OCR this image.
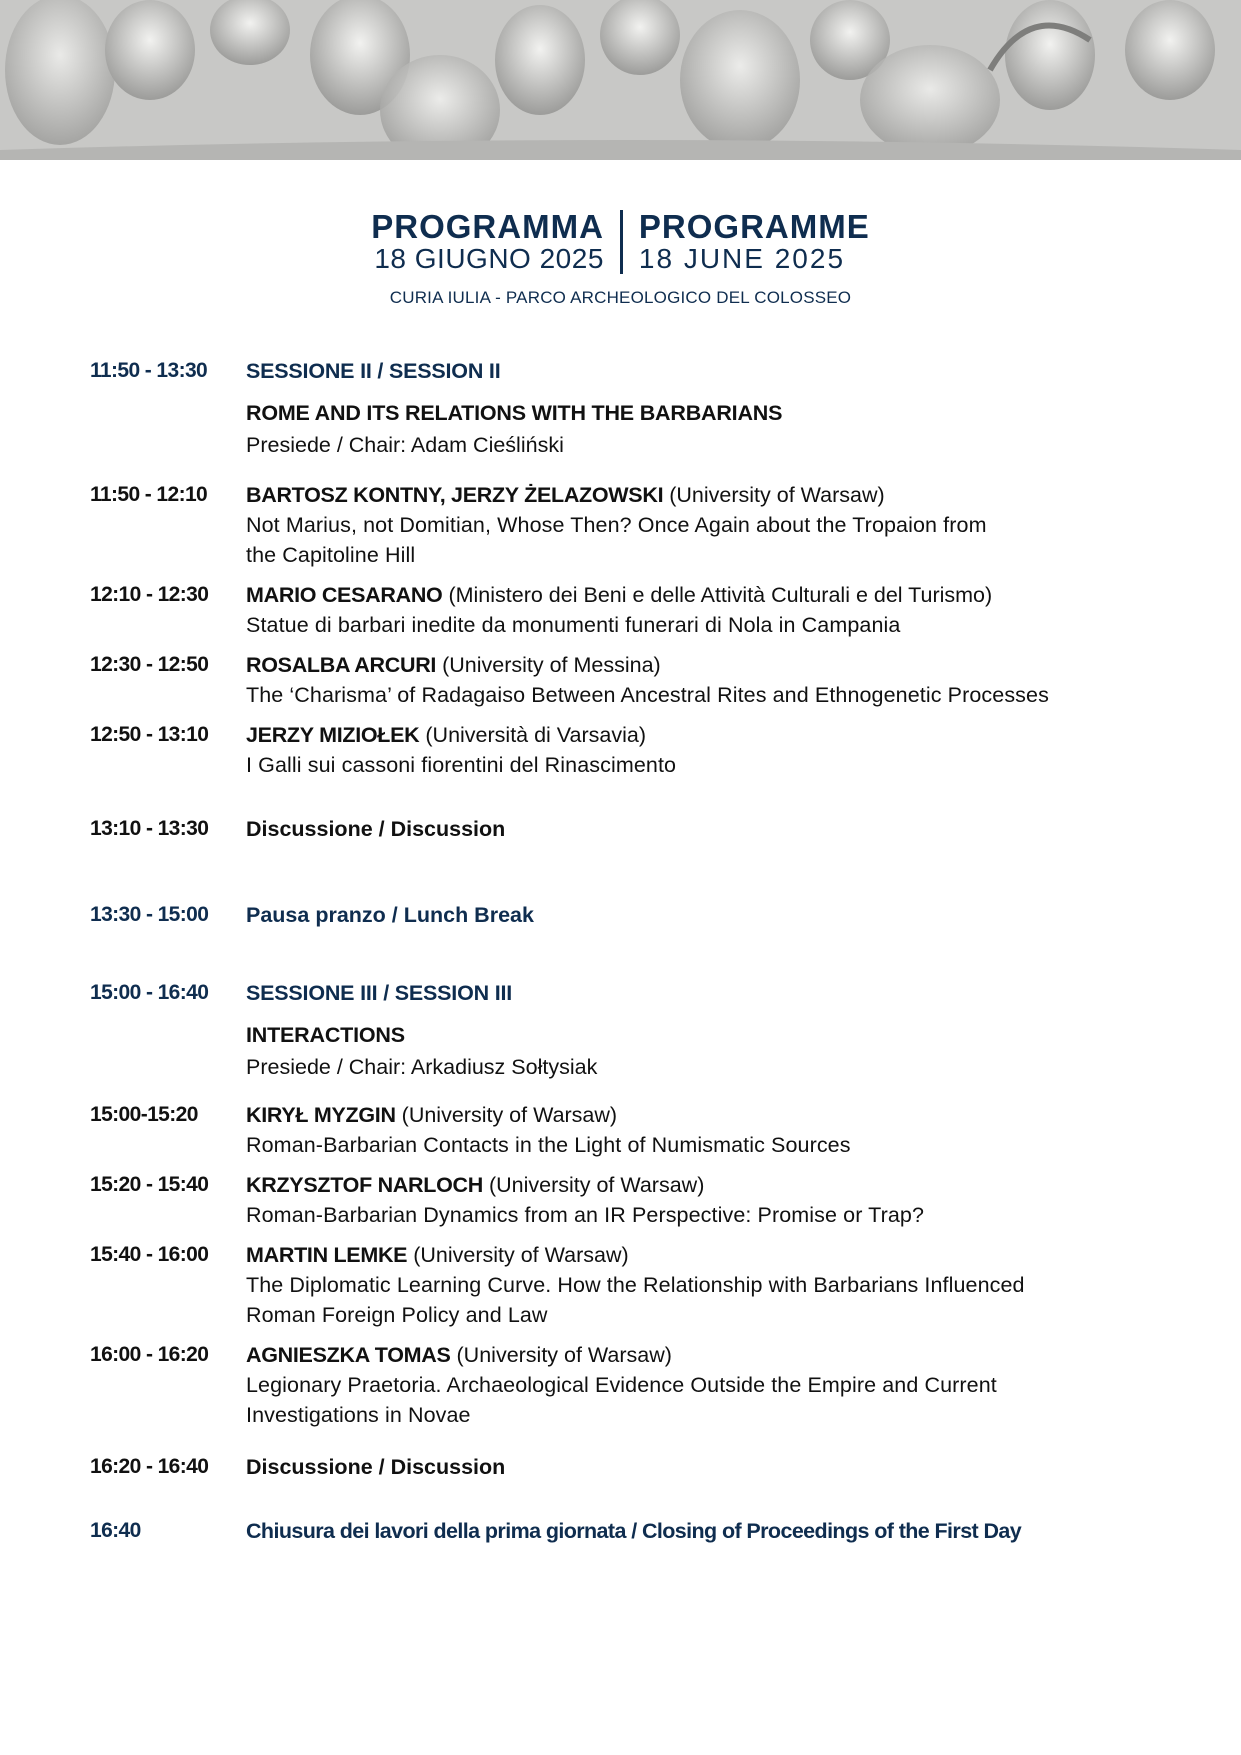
PROGRAMMA
18 GIUGNO 2025
PROGRAMME
18 JUNE 2025
CURIA IULIA - PARCO ARCHEOLOGICO DEL COLOSSEO
11:50 - 13:30	SESSIONE II / SESSION II
ROME AND ITS RELATIONS WITH THE BARBARIANS
Presiede / Chair: Adam Cieśliński
11:50 - 12:10	BARTOSZ KONTNY, JERZY ŻELAZOWSKI (University of Warsaw)
Not Marius, not Domitian, Whose Then? Once Again about the Tropaion from
the Capitoline Hill
12:10 - 12:30	MARIO CESARANO (Ministero dei Beni e delle Attività Culturali e del Turismo)
Statue di barbari inedite da monumenti funerari di Nola in Campania
12:30 - 12:50	ROSALBA ARCURI (University of Messina)
The ‘Charisma’ of Radagaiso Between Ancestral Rites and Ethnogenetic Processes
12:50 - 13:10	JERZY MIZIOŁEK (Università di Varsavia)
I Galli sui cassoni fiorentini del Rinascimento
13:10 - 13:30	Discussione / Discussion
13:30 - 15:00	Pausa pranzo / Lunch Break
15:00 - 16:40	SESSIONE III / SESSION III
INTERACTIONS
Presiede / Chair: Arkadiusz Sołtysiak
15:00-15:20	KIRYŁ MYZGIN (University of Warsaw)
Roman-Barbarian Contacts in the Light of Numismatic Sources
15:20 - 15:40	KRZYSZTOF NARLOCH (University of Warsaw)
Roman-Barbarian Dynamics from an IR Perspective: Promise or Trap?
15:40 - 16:00	MARTIN LEMKE (University of Warsaw)
The Diplomatic Learning Curve. How the Relationship with Barbarians Influenced
Roman Foreign Policy and Law
16:00 - 16:20	AGNIESZKA TOMAS (University of Warsaw)
Legionary Praetoria. Archaeological Evidence Outside the Empire and Current
Investigations in Novae
16:20 - 16:40	Discussione / Discussion
16:40	Chiusura dei lavori della prima giornata / Closing of Proceedings of the First Day
